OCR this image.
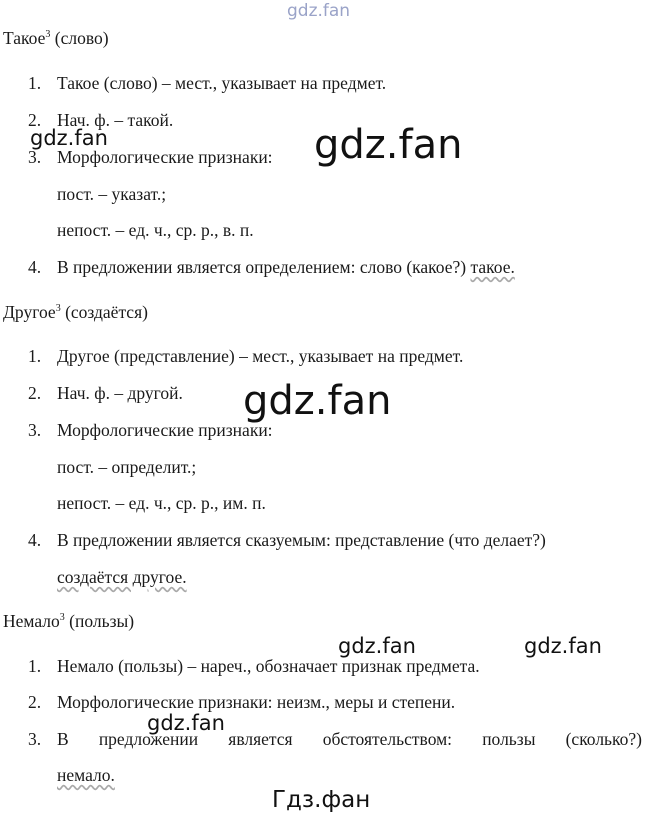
gdz.fan
gdz.fan	gdz.fan
gdz.fan
gdz.fan	gdz.fan
gdz.fan
Гдз.фан
Такое$^3$ (слово)
1. Такое (слово) – мест., указывает на предмет.
2. Нач. ф. – такой.
3. Морфологические признаки:
пост. – указат.;
непост. – ед. ч., ср. р., в. п.
4. В предложении является определением: слово (какое?) такое.
Другое$^3$ (создаётся)
1. Другое (представление) – мест., указывает на предмет.
2. Нач. ф. – другой.
3. Морфологические признаки:
пост. – определит.;
непост. – ед. ч., ср. р., им. п.
4. В предложении является сказуемым: представление (что делает?)
создаётся другое.
Немало$^3$ (пользы)
1. Немало (пользы) – нареч., обозначает признак предмета.
2. Морфологические признаки: неизм., меры и степени.
3. В предложении является обстоятельством: пользы (сколько?)
немало.
